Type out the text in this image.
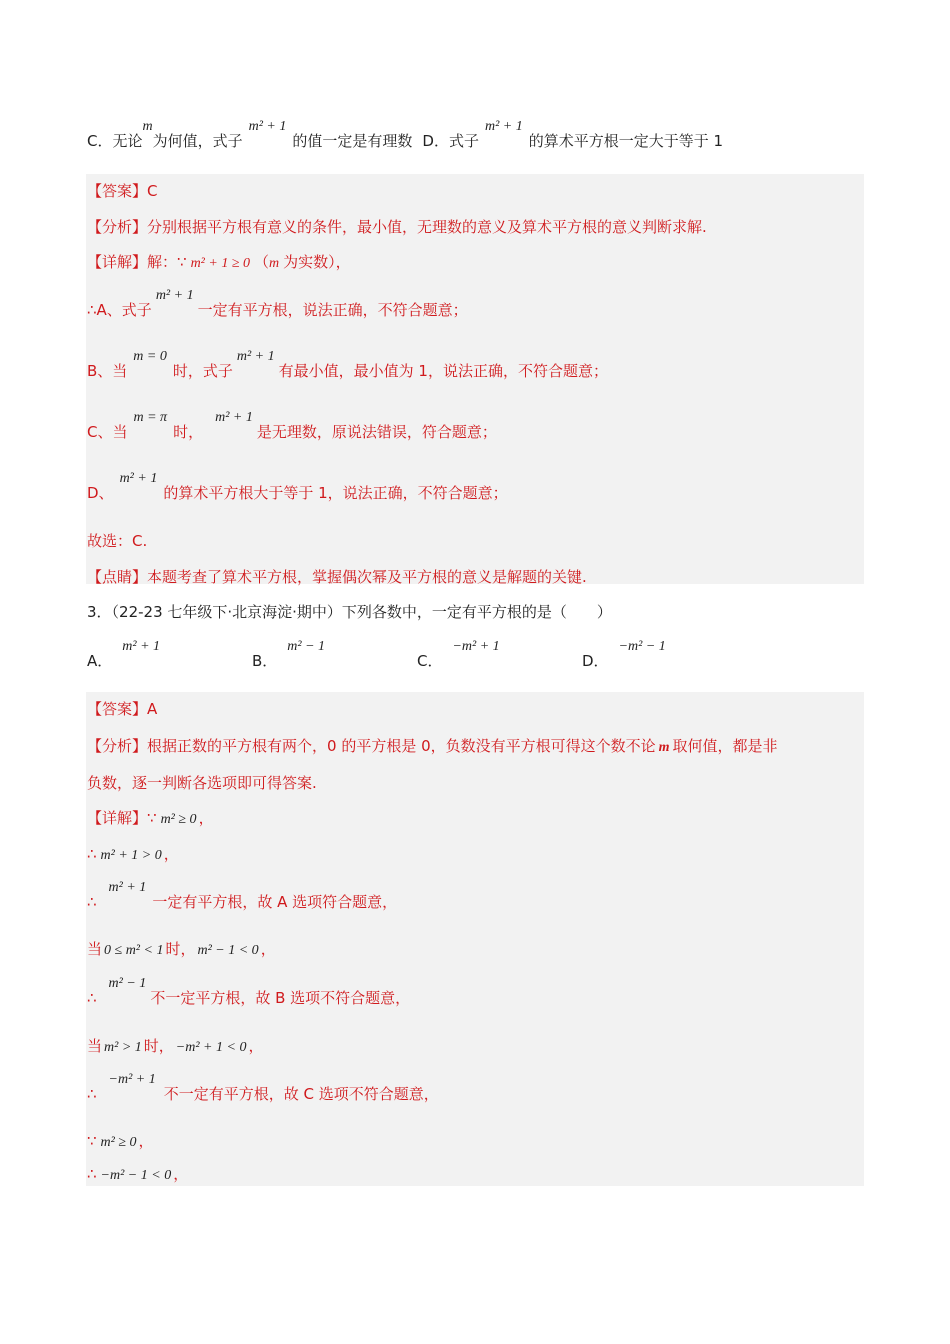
C．无论m为何值，式子m² + 1的值一定是有理数 D．式子m² + 1的算术平方根一定大于等于 1
【答案】C
【分析】分别根据平方根有意义的条件，最小值，无理数的意义及算术平方根的意义判断求解.
【详解】解：∵ m² + 1 ≥ 0 （m 为实数），
∴A、式子m² + 1一定有平方根，说法正确，不符合题意；
B、当m = 0时，式子m² + 1有最小值，最小值为 1，说法正确，不符合题意；
C、当m = π时，m² + 1是无理数，原说法错误，符合题意；
D、m² + 1的算术平方根大于等于 1，说法正确，不符合题意；
故选：C.
【点睛】本题考查了算术平方根，掌握偶次幂及平方根的意义是解题的关键.
3．（22-23 七年级下·北京海淀·期中）下列各数中，一定有平方根的是（　　）
A．m² + 1
B．m² − 1
C．−m² + 1
D．−m² − 1
【答案】A
【分析】根据正数的平方根有两个，0 的平方根是 0，负数没有平方根可得这个数不论 m 取何值，都是非
负数，逐一判断各选项即可得答案.
【详解】∵ m² ≥ 0 ，
∴ m² + 1 > 0 ，
∴m² + 1一定有平方根，故 A 选项符合题意，
当 0 ≤ m² < 1 时， m² − 1 < 0 ，
∴m² − 1不一定平方根，故 B 选项不符合题意，
当 m² > 1 时， −m² + 1 < 0 ，
∴−m² + 1不一定有平方根，故 C 选项不符合题意，
∵ m² ≥ 0 ，
∴ −m² − 1 < 0 ，
